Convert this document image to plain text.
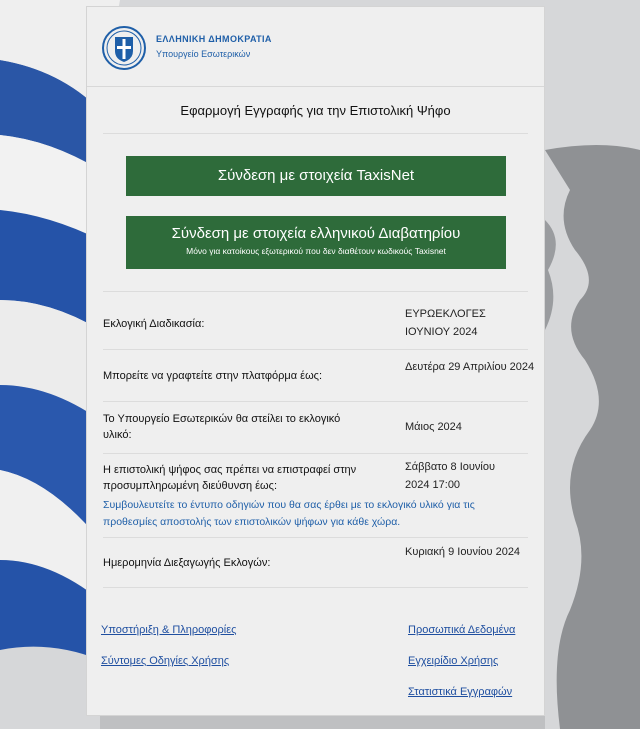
ΕΛΛΗΝΙΚΗ ΔΗΜΟΚΡΑΤΙΑ
Υπουργείο Εσωτερικών
Εφαρμογή Εγγραφής για την Επιστολική Ψήφο
Σύνδεση με στοιχεία TaxisNet
Σύνδεση με στοιχεία ελληνικού Διαβατηρίου
Μόνο για κατοίκους εξωτερικού που δεν διαθέτουν κωδικούς Taxisnet
Εκλογική Διαδικασία:
ΕΥΡΩΕΚΛΟΓΕΣ ΙΟΥΝΙΟΥ 2024
Μπορείτε να γραφτείτε στην πλατφόρμα έως:
Δευτέρα 29 Απριλίου 2024
Το Υπουργείο Εσωτερικών θα στείλει το εκλογικό υλικό:
Μάιος 2024
Η επιστολική ψήφος σας πρέπει να επιστραφεί στην προσυμπληρωμένη διεύθυνση έως:
Σάββατο 8 Ιουνίου 2024 17:00
Συμβουλευτείτε το έντυπο οδηγιών που θα σας έρθει με το εκλογικό υλικό για τις προθεσμίες αποστολής των επιστολικών ψήφων για κάθε χώρα.
Ημερομηνία Διεξαγωγής Εκλογών:
Κυριακή 9 Ιουνίου 2024
Υποστήριξη & Πληροφορίες	Προσωπικά Δεδομένα
Σύντομες Οδηγίες Χρήσης	Εγχειρίδιο Χρήσης
Στατιστικά Εγγραφών
